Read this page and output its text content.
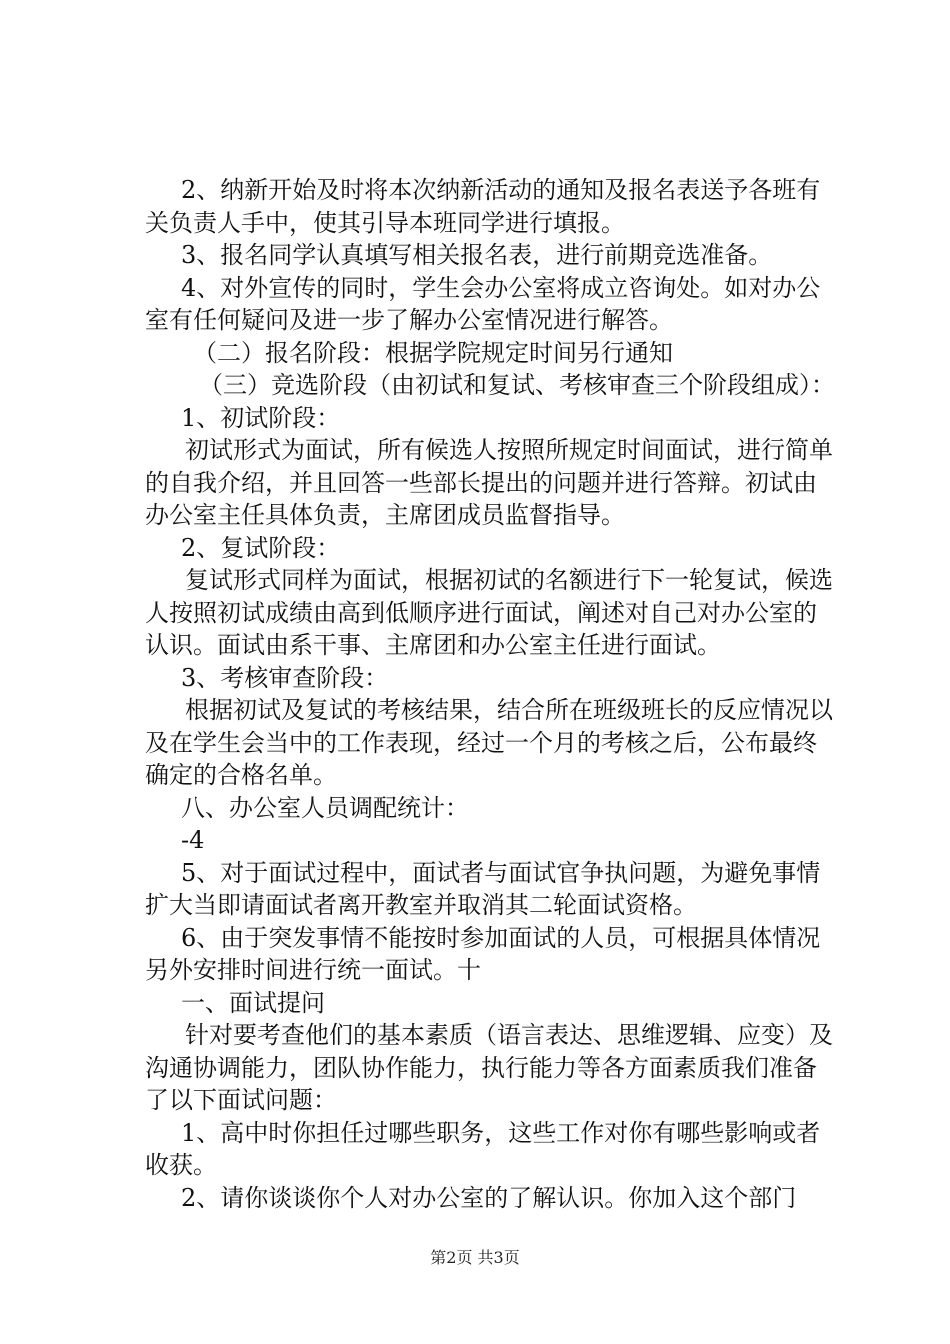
2、纳新开始及时将本次纳新活动的通知及报名表送予各班有关负责人手中，使其引导本班同学进行填报。

3、报名同学认真填写相关报名表，进行前期竞选准备。

4、对外宣传的同时，学生会办公室将成立咨询处。如对办公室有任何疑问及进一步了解办公室情况进行解答。

（二）报名阶段：根据学院规定时间另行通知

（三）竞选阶段（由初试和复试、考核审查三个阶段组成）：

1、初试阶段：

初试形式为面试，所有候选人按照所规定时间面试，进行简单的自我介绍，并且回答一些部长提出的问题并进行答辩。初试由办公室主任具体负责，主席团成员监督指导。

2、复试阶段：

复试形式同样为面试，根据初试的名额进行下一轮复试，候选人按照初试成绩由高到低顺序进行面试，阐述对自己对办公室的认识。面试由系干事、主席团和办公室主任进行面试。

3、考核审查阶段：

根据初试及复试的考核结果，结合所在班级班长的反应情况以及在学生会当中的工作表现，经过一个月的考核之后，公布最终确定的合格名单。

八、办公室人员调配统计：

-4

5、对于面试过程中，面试者与面试官争执问题，为避免事情扩大当即请面试者离开教室并取消其二轮面试资格。

6、由于突发事情不能按时参加面试的人员，可根据具体情况另外安排时间进行统一面试。十

一、面试提问

针对要考查他们的基本素质（语言表达、思维逻辑、应变）及沟通协调能力，团队协作能力，执行能力等各方面素质我们准备了以下面试问题：

1、高中时你担任过哪些职务，这些工作对你有哪些影响或者收获。

2、请你谈谈你个人对办公室的了解认识。你加入这个部门

第2页 共3页
